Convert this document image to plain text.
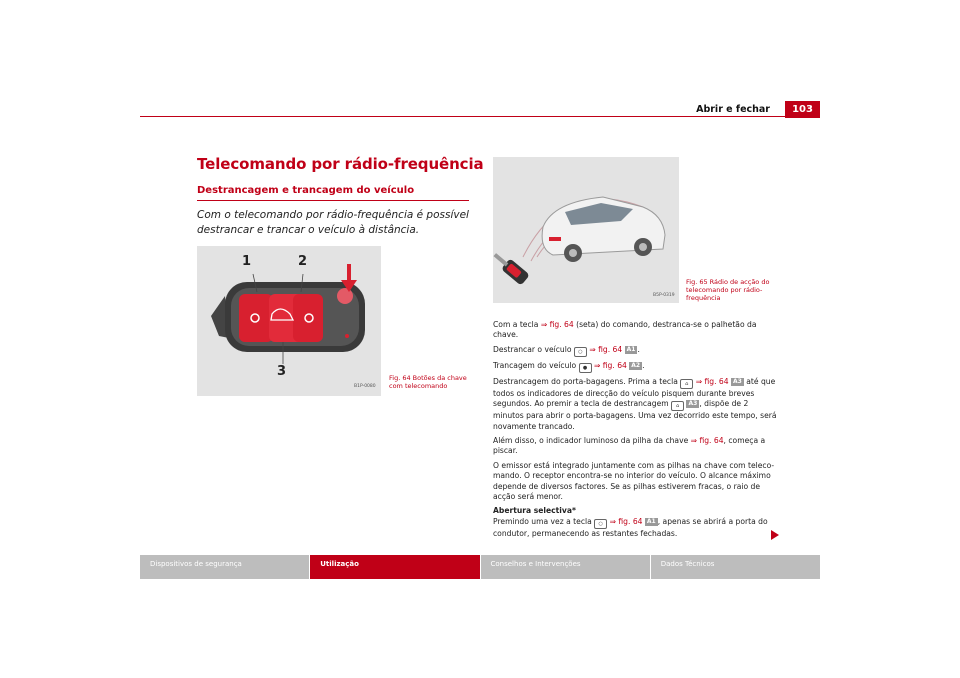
Abrir e fechar	103
Telecomando por rádio-frequência
Destrancagem e trancagem do veículo
Com o telecomando por rádio-frequência é possível destrancar e trancar o veículo à distância.
1	2
3
B1P-0080
Fig. 64 Botões da chave com telecomando
B5P-0319
Fig. 65 Rádio de acção do telecomando por rádio-frequência

Com a tecla ⇒ fig. 64 (seta) do comando, destranca-se o palhetão da chave.

Destrancar o veículo ○ ⇒ fig. 64 A1 .

Trancagem do veículo ● ⇒ fig. 64 A2 .

Destrancagem do porta-bagagens. Prima a tecla ⌂ ⇒ fig. 64 A3 até que todos os indicadores de direcção do veículo pisquem durante breves segundos. Ao premir a tecla de destrancagem ⌂ A3 , dispõe de 2 minutos para abrir o porta-bagagens. Uma vez decorrido este tempo, será novamente trancado.

Além disso, o indicador luminoso da pilha da chave ⇒ fig. 64, começa a piscar.

O emissor está integrado juntamente com as pilhas na chave com teleco-mando. O receptor encontra-se no interior do veículo. O alcance máximo depende de diversos factores. Se as pilhas estiverem fracas, o raio de acção será menor.

Abertura selectiva*

Premindo uma vez a tecla ○ ⇒ fig. 64 A1 , apenas se abrirá a porta do condutor, permanecendo as restantes fechadas.

Dispositivos de segurança	Utilização	Conselhos e Intervenções	Dados Técnicos
